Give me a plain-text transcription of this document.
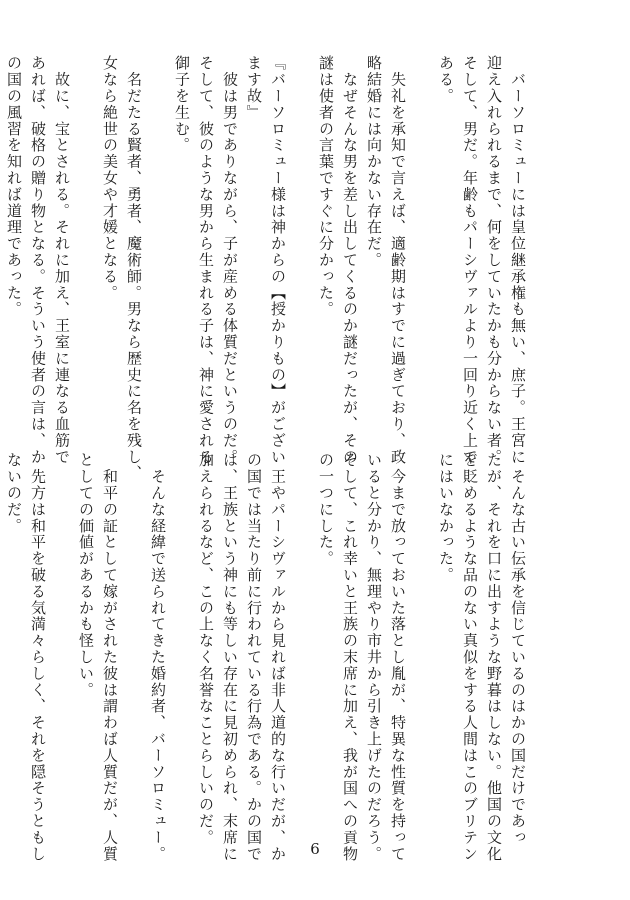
　バーソロミューには皇位継承権も無い、庶子。王宮に
迎え入れられるまで、何をしていたかも分からない者。
そして、男だ。年齢もパーシヴァルより一回り近く上で
ある。

　失礼を承知で言えば、適齢期はすでに過ぎており、政
略結婚には向かない存在だ。
　なぜそんな男を差し出してくるのか謎だったが、その
謎は使者の言葉ですぐに分かった。

『バーソロミュー様は神からの【授かりもの】がござい
ます故』
　彼は男でありながら、子が産める体質だというのだ。
そして、彼のような男から生まれる子は、神に愛される
御子を生む。

　名だたる賢者、勇者、魔術師。男なら歴史に名を残し、
女なら絶世の美女や才媛となる。

　故に、宝とされる。それに加え、王室に連なる血筋で
あれば、破格の贈り物となる。そういう使者の言は、か
の国の風習を知れば道理であった。
　そんな古い伝承を信じているのはかの国だけであっ
たが、それを口に出すような野暮はしない。他国の文化
を貶めるような品のない真似をする人間はこのブリテン
にはいなかった。

　今まで放っておいた落とし胤が、特異な性質を持って
いると分かり、無理やり市井から引き上げたのだろう。
そして、これ幸いと王族の末席に加え、我が国への貢物
の一つにした。

　王やパーシヴァルから見れば非人道的な行いだが、か
の国では当たり前に行われている行為である。かの国で
は、王族という神にも等しい存在に見初められ、末席に
加えられるなど、この上なく名誉なことらしいのだ。

　そんな経緯で送られてきた婚約者、バーソロミュー。

　和平の証として嫁がされた彼は謂わば人質だが、人質
としての価値があるかも怪しい。

　先方は和平を破る気満々らしく、それを隠そうともし
ないのだ。
6
